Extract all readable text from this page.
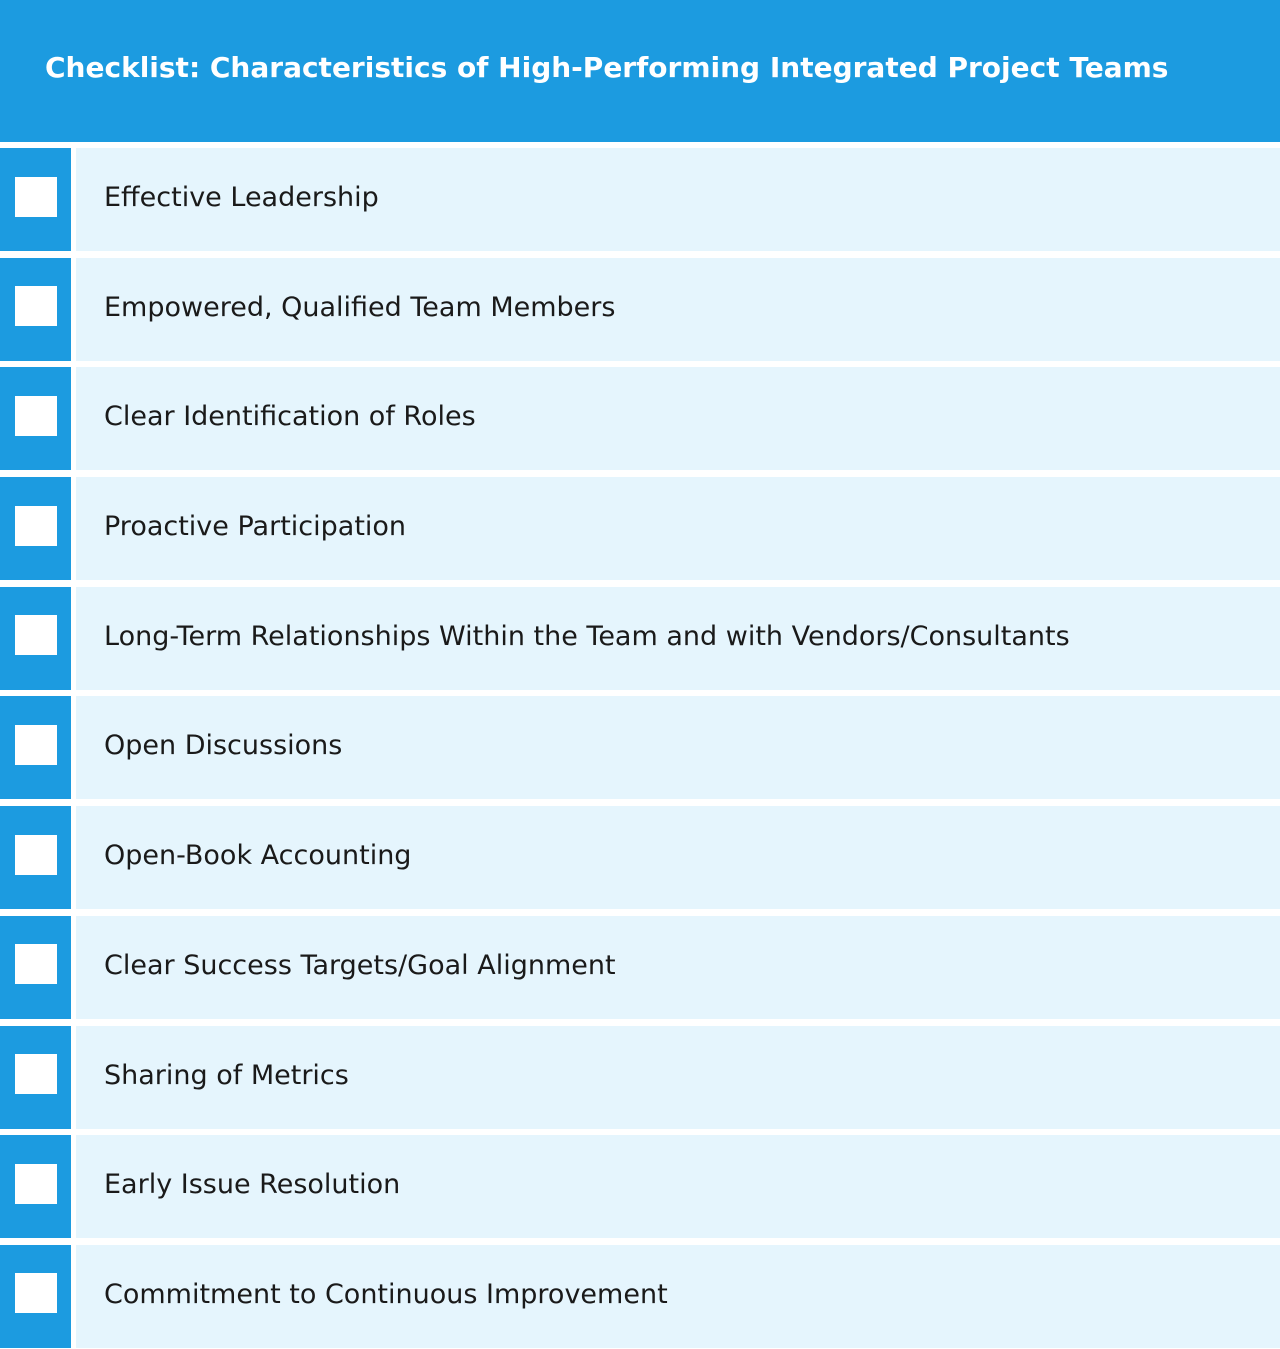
Checklist: Characteristics of High-Performing Integrated Project Teams
Effective Leadership
Empowered, Qualified Team Members
Clear Identification of Roles
Proactive Participation
Long-Term Relationships Within the Team and with Vendors/Consultants
Open Discussions
Open-Book Accounting
Clear Success Targets/Goal Alignment
Sharing of Metrics
Early Issue Resolution
Commitment to Continuous Improvement
